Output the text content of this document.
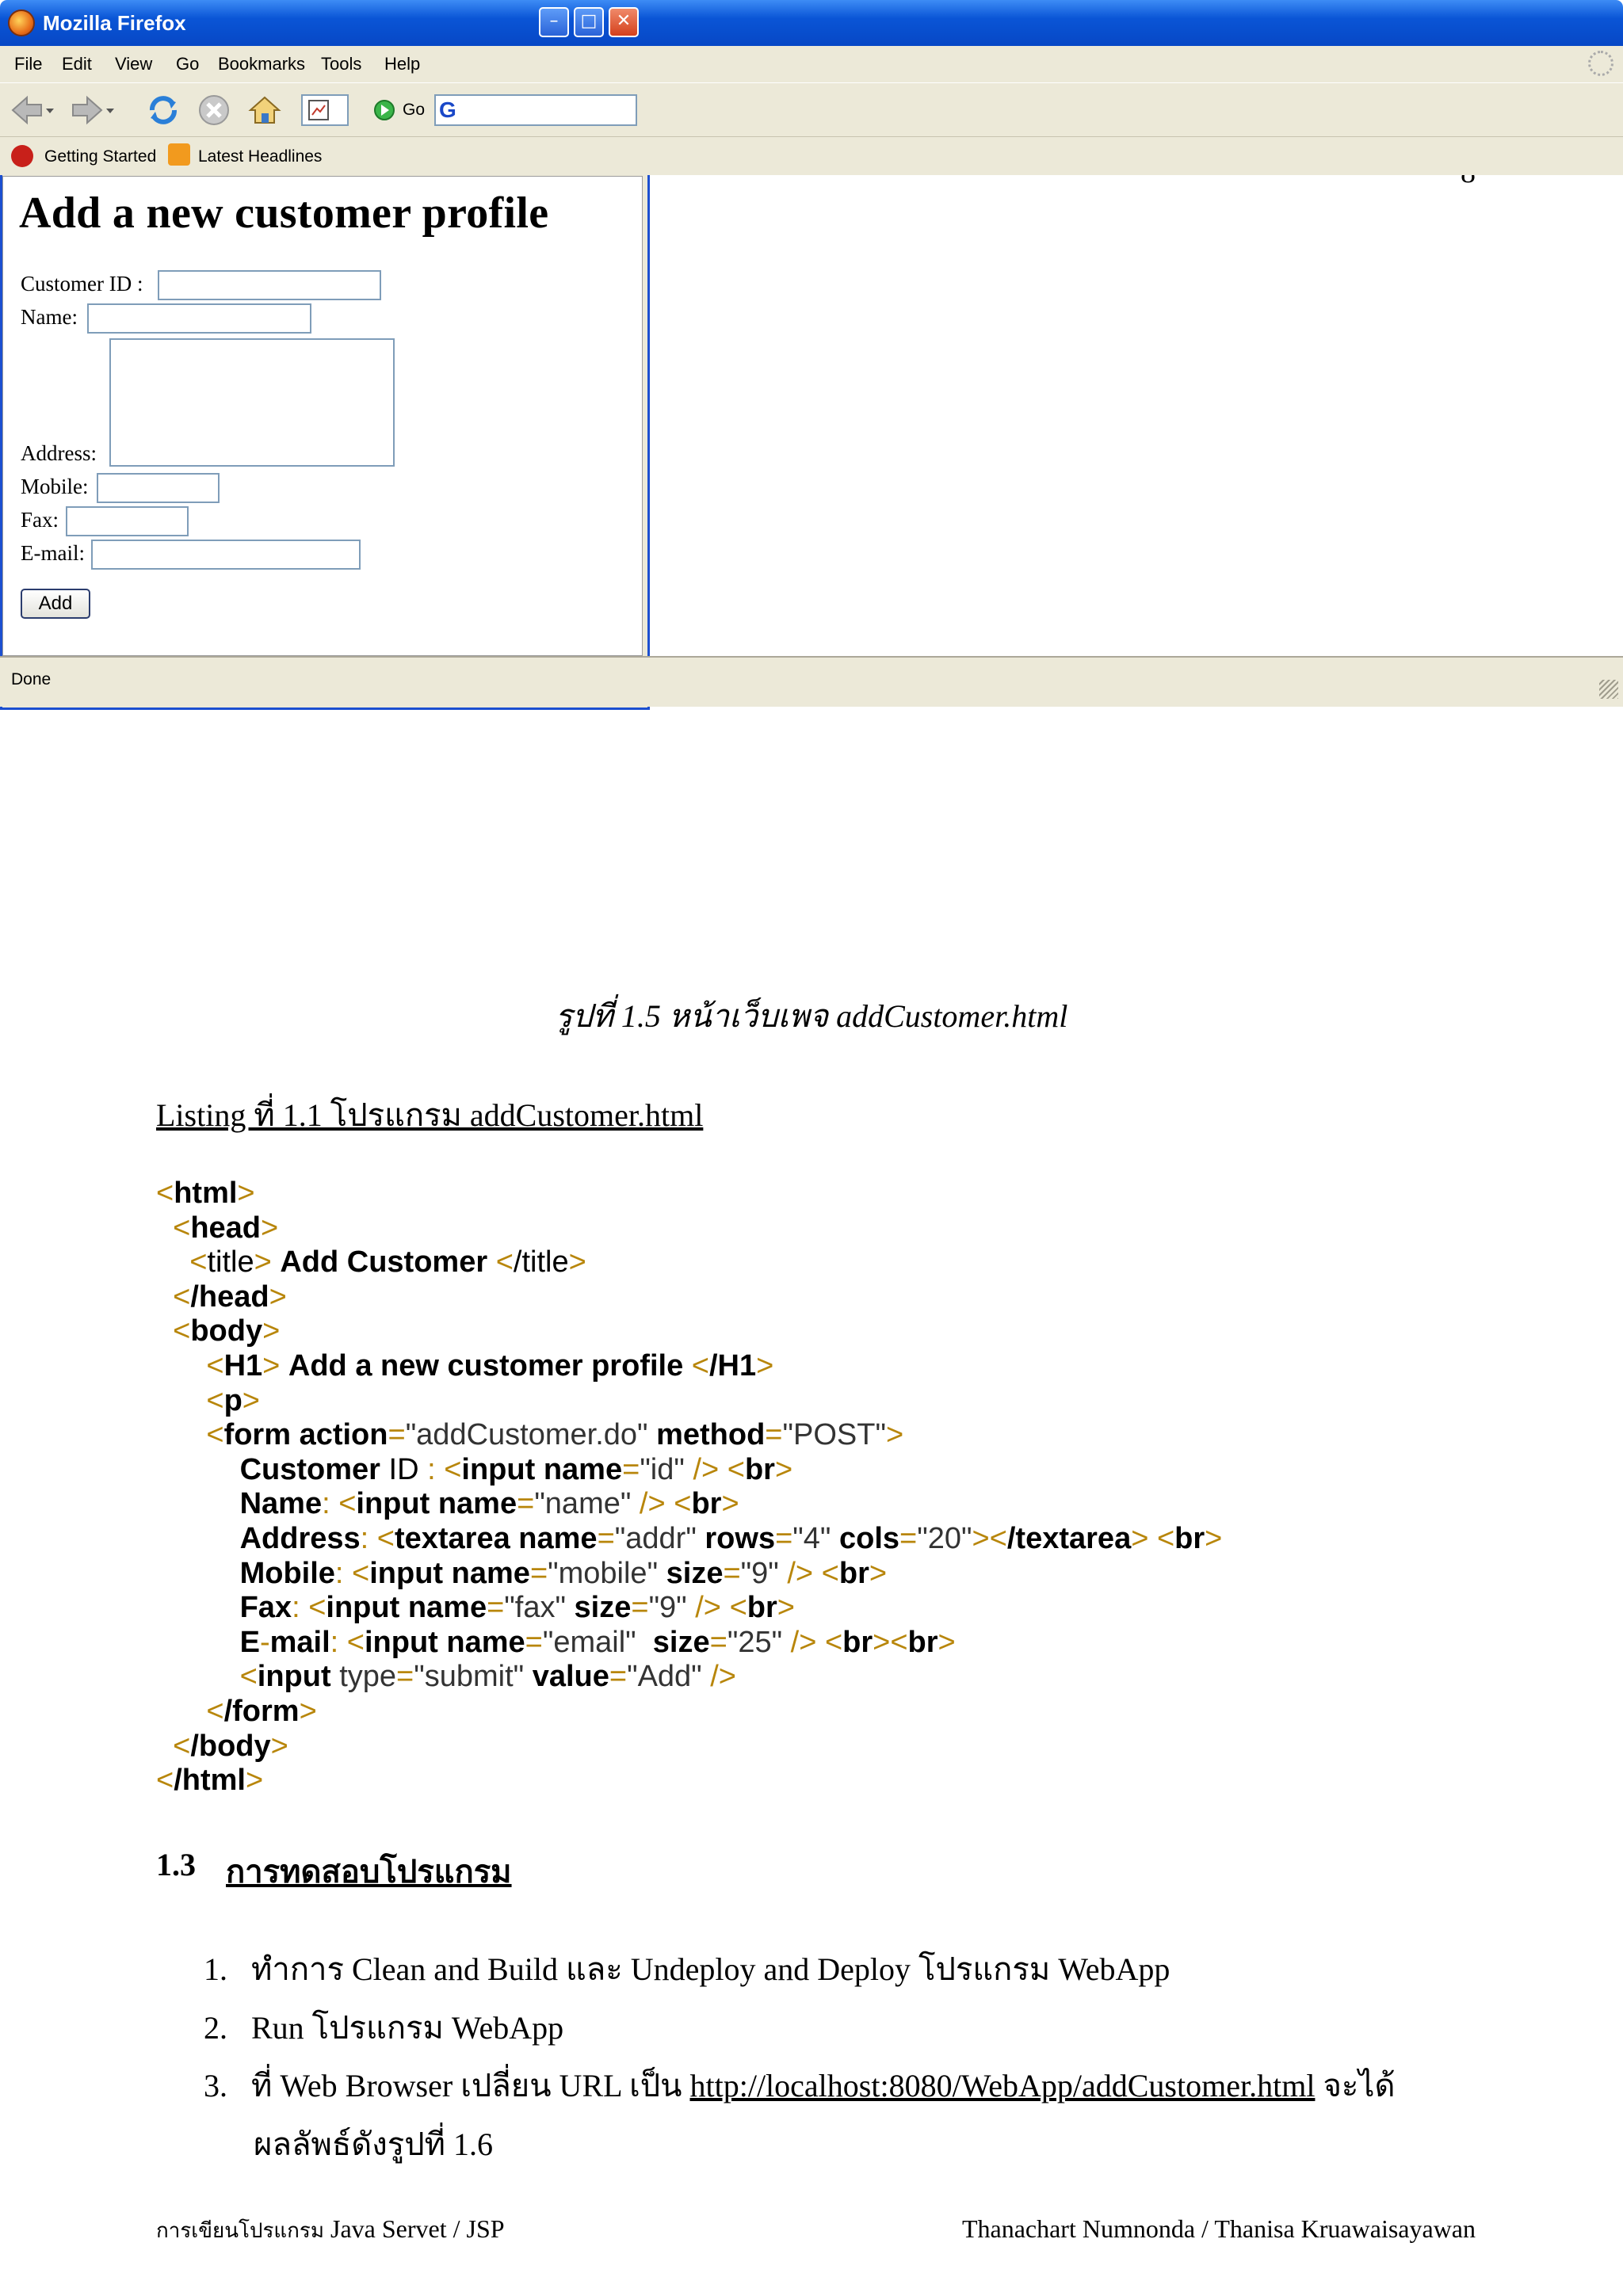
Mozilla Firefox	–	□	✕
File Edit View Go Bookmarks Tools Help
Go G
Getting Started	Latest Headlines
Add a new customer profile
Customer ID :
Name:
Address:
Mobile:
Fax:
E-mail:
Add
Done
รูปที่ 1.5 หน้าเว็บเพจ addCustomer.html
Listing ที่ 1.1 โปรแกรม addCustomer.html
<html>
<head>
<title> Add Customer </title>
</head>
<body>
<H1> Add a new customer profile </H1>
<p>
<form action="addCustomer.do" method="POST">
Customer ID : <input name="id" /> <br>
Name: <input name="name" /> <br>
Address: <textarea name="addr" rows="4" cols="20"></textarea> <br>
Mobile: <input name="mobile" size="9" /> <br>
Fax: <input name="fax" size="9" /> <br>
E-mail: <input name="email" size="25" /> <br><br>
<input type="submit" value="Add" />
</form>
</body>
</html>
1.3 การทดสอบโปรแกรม
1. ทำการ Clean and Build และ Undeploy and Deploy โปรแกรม WebApp
2. Run โปรแกรม WebApp
3. ที่ Web Browser เปลี่ยน URL เป็น http://localhost:8080/WebApp/addCustomer.html จะได้
ผลลัพธ์ดังรูปที่ 1.6
การเขียนโปรแกรม Java Servet / JSP	Thanachart Numnonda / Thanisa Kruawaisayawan
